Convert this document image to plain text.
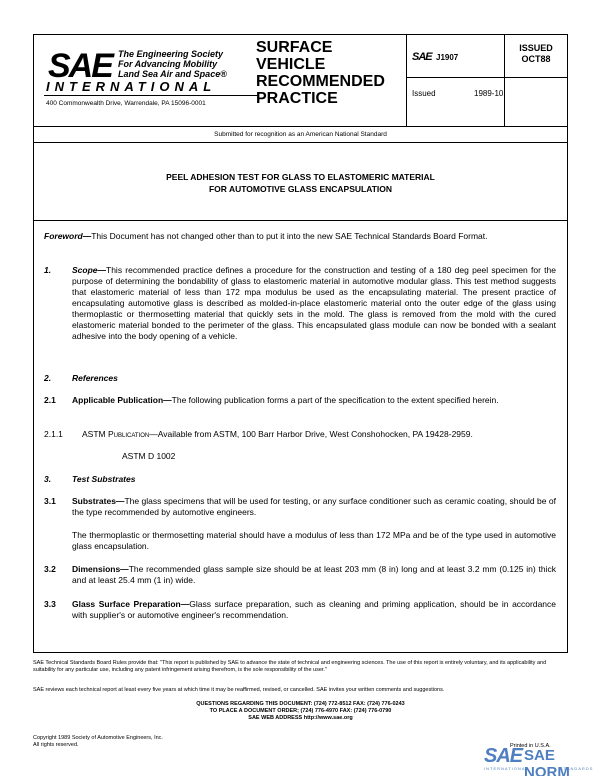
SAE The Engineering Society
For Advancing Mobility
Land Sea Air and Space®
INTERNATIONAL
400 Commonwealth Drive, Warrendale, PA 15096-0001
SURFACE
VEHICLE
RECOMMENDED
PRACTICE
SAE J1907
ISSUED
OCT88
Issued	1989-10
Submitted for recognition as an American National Standard
PEEL ADHESION TEST FOR GLASS TO ELASTOMERIC MATERIAL
FOR AUTOMOTIVE GLASS ENCAPSULATION
Foreword—This Document has not changed other than to put it into the new SAE Technical Standards Board Format.
1. Scope—This recommended practice defines a procedure for the construction and testing of a 180 deg peel specimen for the purpose of determining the bondability of glass to elastomeric material in automotive modular glass. This test method suggests that elastomeric material of less than 172 mpa modulus be used as the encapsulating material. The present practice of encapsulating automotive glass is described as molded-in-place elastomeric material onto the outer edge of the glass using thermoplastic or thermosetting material that quickly sets in the mold. The glass is removed from the mold with the cured elastomeric material bonded to the perimeter of the glass. This encapsulated glass module can now be bonded with a sealant adhesive into the body opening of a vehicle.
2. References
2.1 Applicable Publication—The following publication forms a part of the specification to the extent specified herein.
2.1.1 ASTM Publication—Available from ASTM, 100 Barr Harbor Drive, West Conshohocken, PA 19428-2959.
ASTM D 1002
3. Test Substrates
3.1 Substrates—The glass specimens that will be used for testing, or any surface conditioner such as ceramic coating, should be of the type recommended by automotive engineers.
The thermoplastic or thermosetting material should have a modulus of less than 172 MPa and be of the type used in automotive glass encapsulation.
3.2 Dimensions—The recommended glass sample size should be at least 203 mm (8 in) long and at least 3.2 mm (0.125 in) thick and at least 25.4 mm (1 in) wide.
3.3 Glass Surface Preparation—Glass surface preparation, such as cleaning and priming application, should be in accordance with supplier's or automotive engineer's recommendation.
SAE Technical Standards Board Rules provide that: "This report is published by SAE to advance the state of technical and engineering sciences. The use of this report is entirely voluntary, and its applicability and suitability for any particular use, including any patent infringement arising therefrom, is the sole responsibility of the user."
SAE reviews each technical report at least every five years at which time it may be reaffirmed, revised, or cancelled. SAE invites your written comments and suggestions.
QUESTIONS REGARDING THIS DOCUMENT: (724) 772-8512 FAX: (724) 776-0243
TO PLACE A DOCUMENT ORDER; (724) 776-4970 FAX: (724) 776-0790
SAE WEB ADDRESS http://www.sae.org
Copyright 1989 Society of Automotive Engineers, Inc.
All rights reserved.	Printed in U.S.A.
SAE SAE NORM
INTERNATIONAL	STANDARDS
